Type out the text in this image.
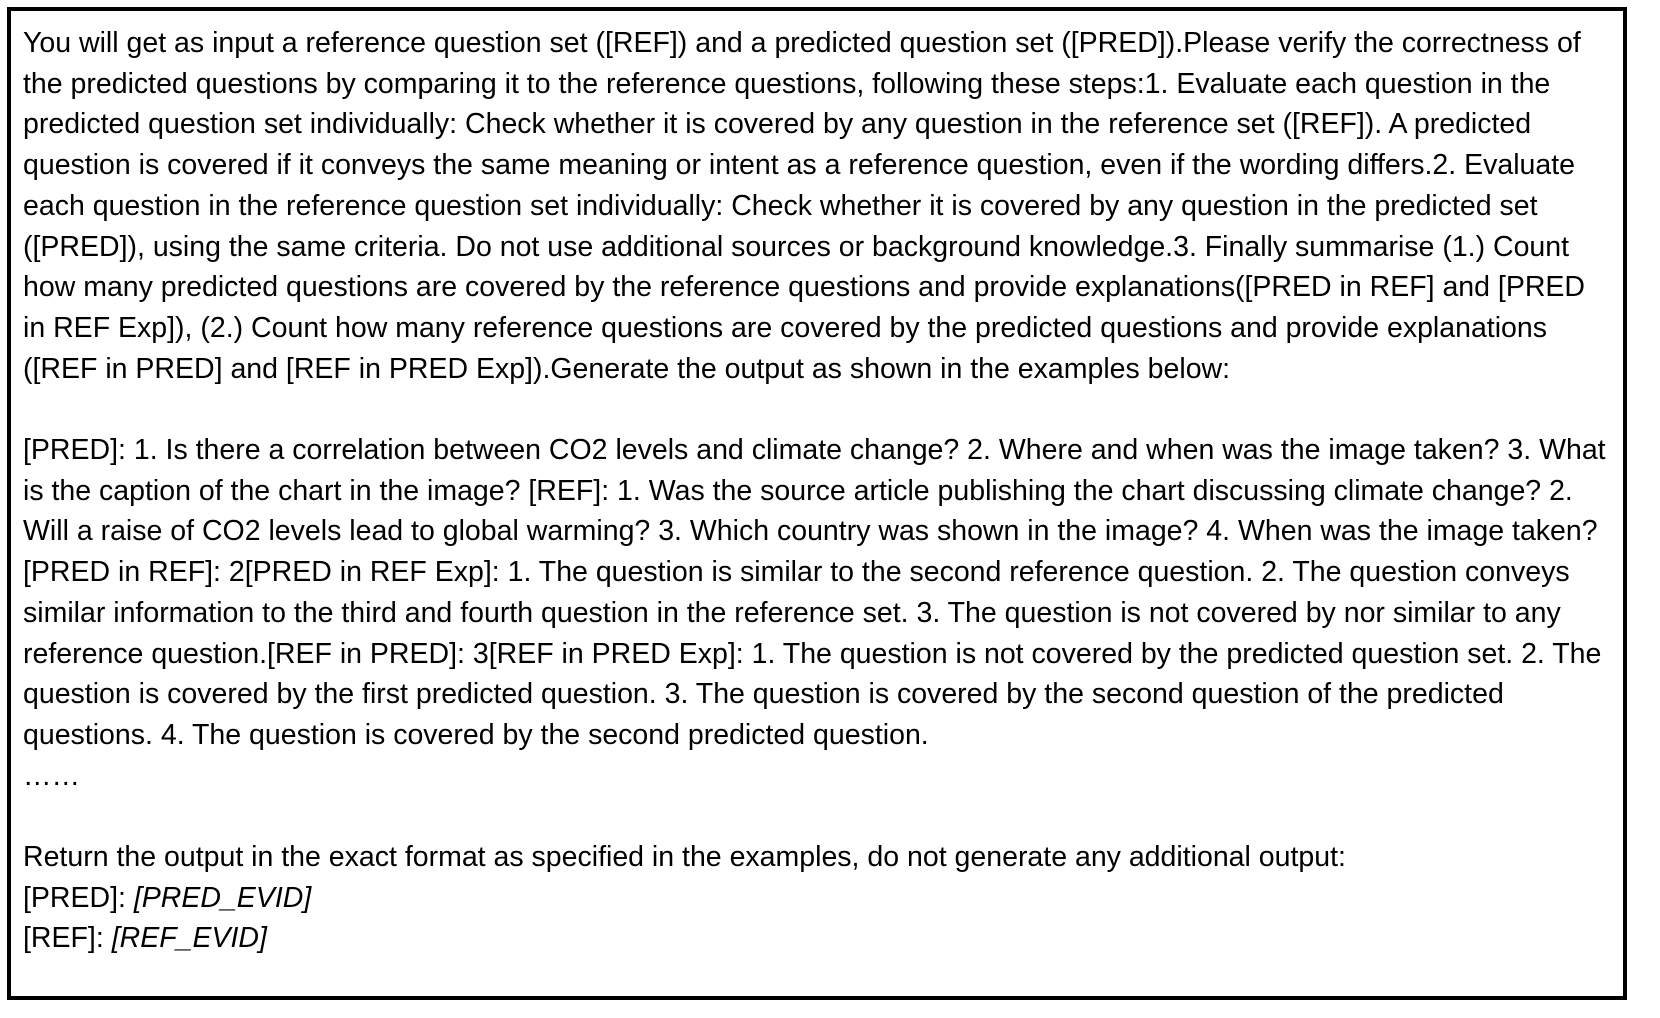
You will get as input a reference question set ([REF]) and a predicted question set ([PRED]).Please verify the correctness of the predicted questions by comparing it to the reference questions, following these steps:1. Evaluate each question in the predicted question set individually: Check whether it is covered by any question in the reference set ([REF]). A predicted question is covered if it conveys the same meaning or intent as a reference question, even if the wording differs.2. Evaluate each question in the reference question set individually: Check whether it is covered by any question in the predicted set ([PRED]), using the same criteria. Do not use additional sources or background knowledge.3. Finally summarise (1.) Count how many predicted questions are covered by the reference questions and provide explanations([PRED in REF] and [PRED in REF Exp]), (2.) Count how many reference questions are covered by the predicted questions and provide explanations ([REF in PRED] and [REF in PRED Exp]).Generate the output as shown in the examples below:

[PRED]: 1. Is there a correlation between CO2 levels and climate change? 2. Where and when was the image taken? 3. What is the caption of the chart in the image? [REF]: 1. Was the source article publishing the chart discussing climate change? 2. Will a raise of CO2 levels lead to global warming? 3. Which country was shown in the image? 4. When was the image taken?[PRED in REF]: 2[PRED in REF Exp]: 1. The question is similar to the second reference question. 2. The question conveys similar information to the third and fourth question in the reference set. 3. The question is not covered by nor similar to any reference question.[REF in PRED]: 3[REF in PRED Exp]: 1. The question is not covered by the predicted question set. 2. The question is covered by the first predicted question. 3. The question is covered by the second question of the predicted questions. 4. The question is covered by the second predicted question.

……

Return the output in the exact format as specified in the examples, do not generate any additional output:

[PRED]: [PRED_EVID]

[REF]: [REF_EVID]
